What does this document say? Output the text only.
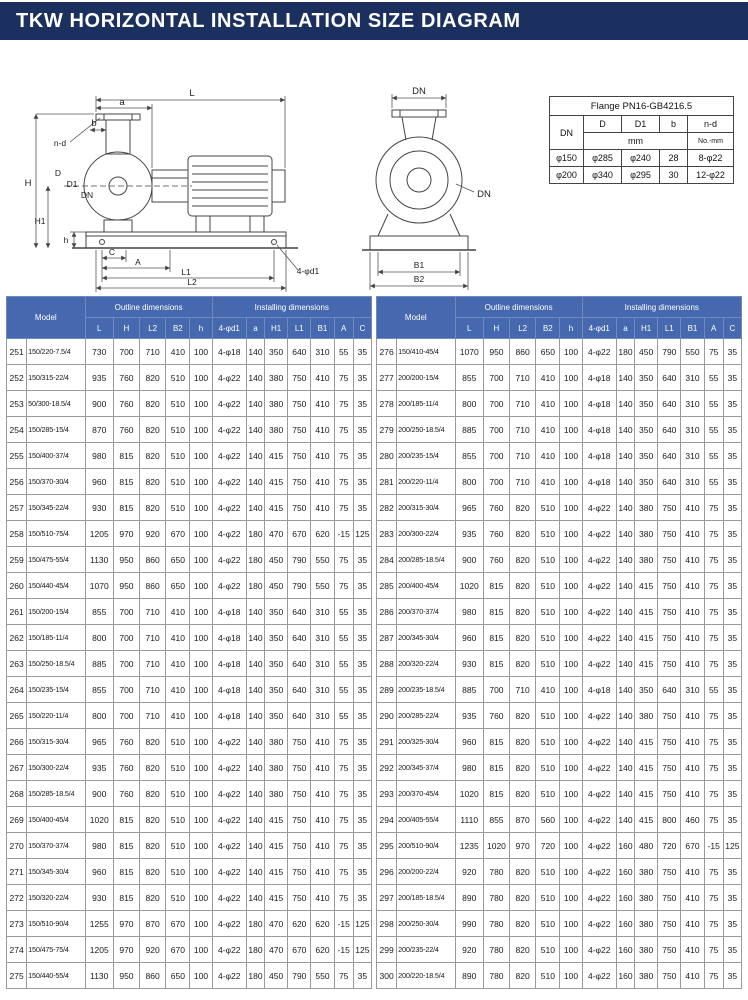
TKW HORIZONTAL INSTALLATION SIZE DIAGRAM
L
a
b
n-d
H
D
D1
DN
H1
h
C
A
L1
L2
4-φd1
DN
DN
B1
B2
Flange PN16-GB4216.5				
DN	D	D1	b	n-d
	mm			No.-mm
φ150	φ285	φ240	28	8-φ22
φ200	φ340	φ295	30	12-φ22
Model		Outline dimensions					Installing dimensions						
		L	H	L2	B2	h	4-φd1	a	H1	L1	B1	A	C
251	150/220-7.5/4	730	700	710	410	100	4-φ18	140	350	640	310	55	35
252	150/315-22/4	935	760	820	510	100	4-φ22	140	380	750	410	75	35
253	50/300-18.5/4	900	760	820	510	100	4-φ22	140	380	750	410	75	35
254	150/285-15/4	870	760	820	510	100	4-φ22	140	380	750	410	75	35
255	150/400-37/4	980	815	820	510	100	4-φ22	140	415	750	410	75	35
256	150/370-30/4	960	815	820	510	100	4-φ22	140	415	750	410	75	35
257	150/345-22/4	930	815	820	510	100	4-φ22	140	415	750	410	75	35
258	150/510-75/4	1205	970	920	670	100	4-φ22	180	470	670	620	-15	125
259	150/475-55/4	1130	950	860	650	100	4-φ22	180	450	790	550	75	35
260	150/440-45/4	1070	950	860	650	100	4-φ22	180	450	790	550	75	35
261	150/200-15/4	855	700	710	410	100	4-φ18	140	350	640	310	55	35
262	150/185-11/4	800	700	710	410	100	4-φ18	140	350	640	310	55	35
263	150/250-18.5/4	885	700	710	410	100	4-φ18	140	350	640	310	55	35
264	150/235-15/4	855	700	710	410	100	4-φ18	140	350	640	310	55	35
265	150/220-11/4	800	700	710	410	100	4-φ18	140	350	640	310	55	35
266	150/315-30/4	965	760	820	510	100	4-φ22	140	380	750	410	75	35
267	150/300-22/4	935	760	820	510	100	4-φ22	140	380	750	410	75	35
268	150/285-18.5/4	900	760	820	510	100	4-φ22	140	380	750	410	75	35
269	150/400-45/4	1020	815	820	510	100	4-φ22	140	415	750	410	75	35
270	150/370-37/4	980	815	820	510	100	4-φ22	140	415	750	410	75	35
271	150/345-30/4	960	815	820	510	100	4-φ22	140	415	750	410	75	35
272	150/320-22/4	930	815	820	510	100	4-φ22	140	415	750	410	75	35
273	150/510-90/4	1255	970	870	670	100	4-φ22	180	470	620	620	-15	125
274	150/475-75/4	1205	970	920	670	100	4-φ22	180	470	670	620	-15	125
275	150/440-55/4	1130	950	860	650	100	4-φ22	180	450	790	550	75	35
Model		Outline dimensions					Installing dimensions						
		L	H	L2	B2	h	4-φd1	a	H1	L1	B1	A	C
276	150/410-45/4	1070	950	860	650	100	4-φ22	180	450	790	550	75	35
277	200/200-15/4	855	700	710	410	100	4-φ18	140	350	640	310	55	35
278	200/185-11/4	800	700	710	410	100	4-φ18	140	350	640	310	55	35
279	200/250-18.5/4	885	700	710	410	100	4-φ18	140	350	640	310	55	35
280	200/235-15/4	855	700	710	410	100	4-φ18	140	350	640	310	55	35
281	200/220-11/4	800	700	710	410	100	4-φ18	140	350	640	310	55	35
282	200/315-30/4	965	760	820	510	100	4-φ22	140	380	750	410	75	35
283	200/300-22/4	935	760	820	510	100	4-φ22	140	380	750	410	75	35
284	200/285-18.5/4	900	760	820	510	100	4-φ22	140	380	750	410	75	35
285	200/400-45/4	1020	815	820	510	100	4-φ22	140	415	750	410	75	35
286	200/370-37/4	980	815	820	510	100	4-φ22	140	415	750	410	75	35
287	200/345-30/4	960	815	820	510	100	4-φ22	140	415	750	410	75	35
288	200/320-22/4	930	815	820	510	100	4-φ22	140	415	750	410	75	35
289	200/235-18.5/4	885	700	710	410	100	4-φ18	140	350	640	310	55	35
290	200/285-22/4	935	760	820	510	100	4-φ22	140	380	750	410	75	35
291	200/325-30/4	960	815	820	510	100	4-φ22	140	415	750	410	75	35
292	200/345-37/4	980	815	820	510	100	4-φ22	140	415	750	410	75	35
293	200/370-45/4	1020	815	820	510	100	4-φ22	140	415	750	410	75	35
294	200/405-55/4	1110	855	870	560	100	4-φ22	140	415	800	460	75	35
295	200/510-90/4	1235	1020	970	720	100	4-φ22	160	480	720	670	-15	125
296	200/200-22/4	920	780	820	510	100	4-φ22	160	380	750	410	75	35
297	200/185-18.5/4	890	780	820	510	100	4-φ22	160	380	750	410	75	35
298	200/250-30/4	990	780	820	510	100	4-φ22	160	380	750	410	75	35
299	200/235-22/4	920	780	820	510	100	4-φ22	160	380	750	410	75	35
300	200/220-18.5/4	890	780	820	510	100	4-φ22	160	380	750	410	75	35
